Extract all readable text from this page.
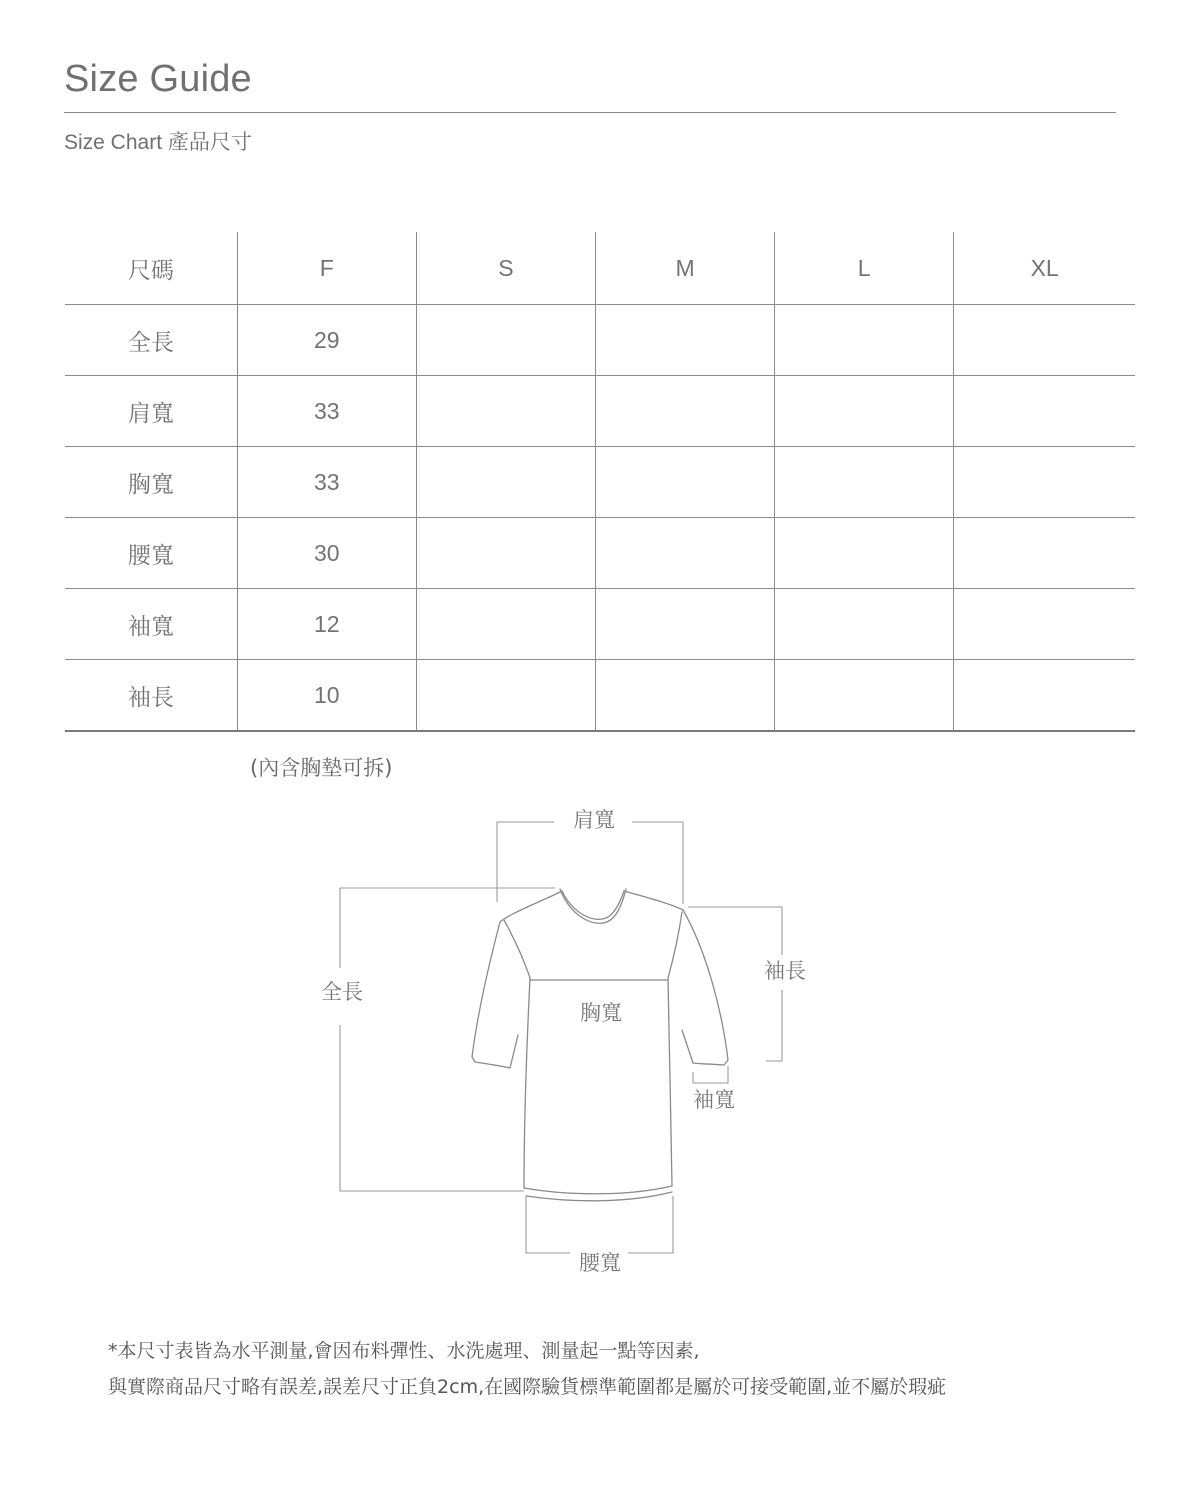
Size Guide
Size Chart 產品尺寸
尺碼	F	S	M	L	XL
全長	29				
肩寬	33				
胸寬	33				
腰寬	30				
袖寬	12				
袖長	10				
(內含胸墊可拆)
肩寬
全長
胸寬
袖長
袖寬
腰寬
*本尺寸表皆為水平測量,會因布料彈性、水洗處理、測量起一點等因素,
與實際商品尺寸略有誤差,誤差尺寸正負2cm,在國際驗貨標準範圍都是屬於可接受範圍,並不屬於瑕疵
